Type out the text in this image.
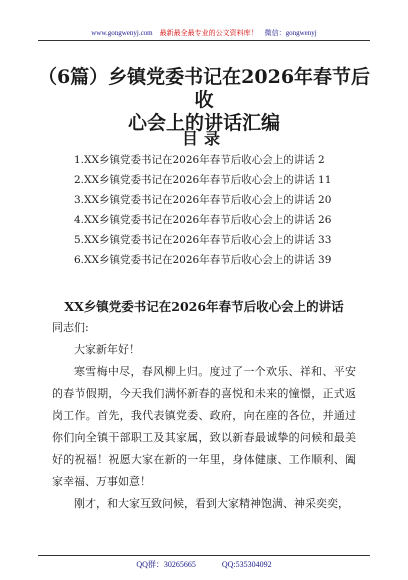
www.gongwenyj.com 最新最全最专业的公文资料库！ 微信：gongwenyj
（6篇）乡镇党委书记在2026年春节后收
心会上的讲话汇编
目录
1.XX乡镇党委书记在2026年春节后收心会上的讲话 2
2.XX乡镇党委书记在2026年春节后收心会上的讲话 11
3.XX乡镇党委书记在2026年春节后收心会上的讲话 20
4.XX乡镇党委书记在2026年春节后收心会上的讲话 26
5.XX乡镇党委书记在2026年春节后收心会上的讲话 33
6.XX乡镇党委书记在2026年春节后收心会上的讲话 39
XX乡镇党委书记在2026年春节后收心会上的讲话
同志们:

大家新年好！

寒雪梅中尽，春风柳上归。度过了一个欢乐、祥和、平安的春节假期，今天我们满怀新春的喜悦和未来的憧憬，正式返岗工作。首先，我代表镇党委、政府，向在座的各位，并通过你们向全镇干部职工及其家属，致以新春最诚挚的问候和最美好的祝福！祝愿大家在新的一年里，身体健康、工作顺利、阖家幸福、万事如意！

刚才，和大家互致问候，看到大家精神饱满、神采奕奕，

QQ群：30265665	QQ:535304092
